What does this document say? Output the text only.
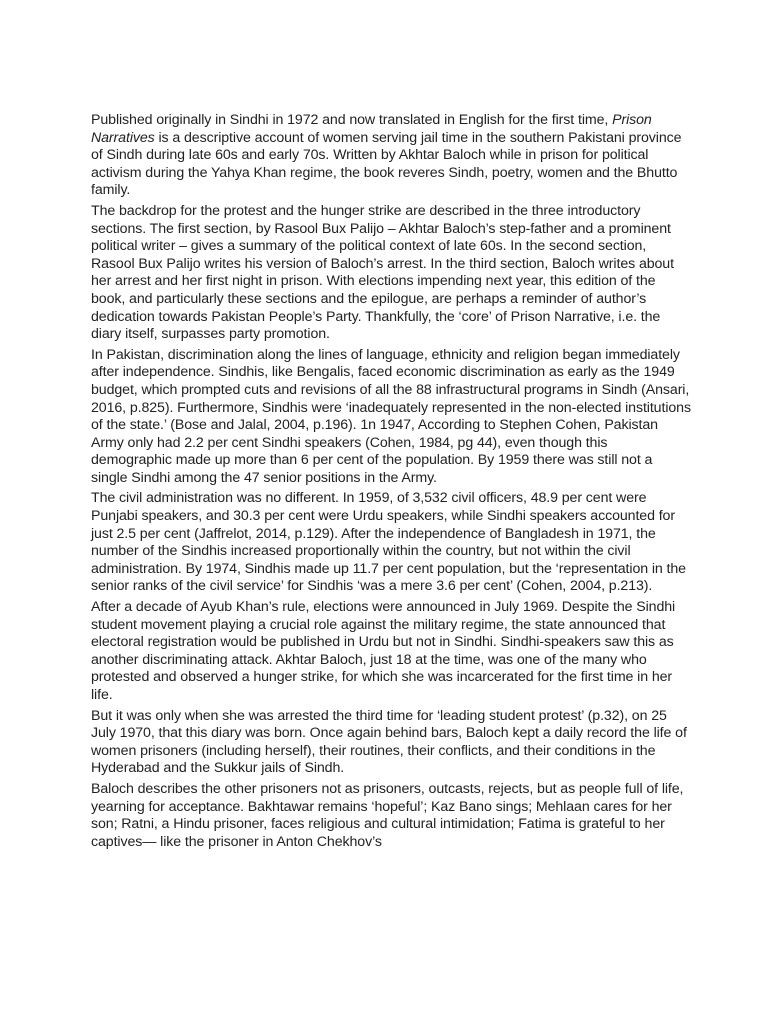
Published originally in Sindhi in 1972 and now translated in English for the first time, Prison Narratives is a descriptive account of women serving jail time in the southern Pakistani province of Sindh during late 60s and early 70s. Written by Akhtar Baloch while in prison for political activism during the Yahya Khan regime, the book reveres Sindh, poetry, women and the Bhutto family.

The backdrop for the protest and the hunger strike are described in the three introductory sections. The first section, by Rasool Bux Palijo – Akhtar Baloch’s step-father and a prominent political writer – gives a summary of the political context of late 60s. In the second section, Rasool Bux Palijo writes his version of Baloch’s arrest. In the third section, Baloch writes about her arrest and her first night in prison. With elections impending next year, this edition of the book, and particularly these sections and the epilogue, are perhaps a reminder of author’s dedication towards Pakistan People’s Party. Thankfully, the ‘core’ of Prison Narrative, i.e. the diary itself, surpasses party promotion.

In Pakistan, discrimination along the lines of language, ethnicity and religion began immediately after independence. Sindhis, like Bengalis, faced economic discrimination as early as the 1949 budget, which prompted cuts and revisions of all the 88 infrastructural programs in Sindh (Ansari, 2016, p.825). Furthermore, Sindhis were ‘inadequately represented in the non-elected institutions of the state.’ (Bose and Jalal, 2004, p.196). 1n 1947, According to Stephen Cohen, Pakistan Army only had 2.2 per cent Sindhi speakers (Cohen, 1984, pg 44), even though this demographic made up more than 6 per cent of the population. By 1959 there was still not a single Sindhi among the 47 senior positions in the Army.

The civil administration was no different. In 1959, of 3,532 civil officers, 48.9 per cent were Punjabi speakers, and 30.3 per cent were Urdu speakers, while Sindhi speakers accounted for just 2.5 per cent (Jaffrelot, 2014, p.129). After the independence of Bangladesh in 1971, the number of the Sindhis increased proportionally within the country, but not within the civil administration. By 1974, Sindhis made up 11.7 per cent population, but the ‘representation in the senior ranks of the civil service’ for Sindhis ‘was a mere 3.6 per cent’ (Cohen, 2004, p.213).

After a decade of Ayub Khan’s rule, elections were announced in July 1969. Despite the Sindhi student movement playing a crucial role against the military regime, the state announced that electoral registration would be published in Urdu but not in Sindhi. Sindhi-speakers saw this as another discriminating attack. Akhtar Baloch, just 18 at the time, was one of the many who protested and observed a hunger strike, for which she was incarcerated for the first time in her life.

But it was only when she was arrested the third time for ‘leading student protest’ (p.32), on 25 July 1970, that this diary was born. Once again behind bars, Baloch kept a daily record the life of women prisoners (including herself), their routines, their conflicts, and their conditions in the Hyderabad and the Sukkur jails of Sindh.

Baloch describes the other prisoners not as prisoners, outcasts, rejects, but as people full of life, yearning for acceptance. Bakhtawar remains ‘hopeful’; Kaz Bano sings; Mehlaan cares for her son; Ratni, a Hindu prisoner, faces religious and cultural intimidation; Fatima is grateful to her captives— like the prisoner in Anton Chekhov’s
